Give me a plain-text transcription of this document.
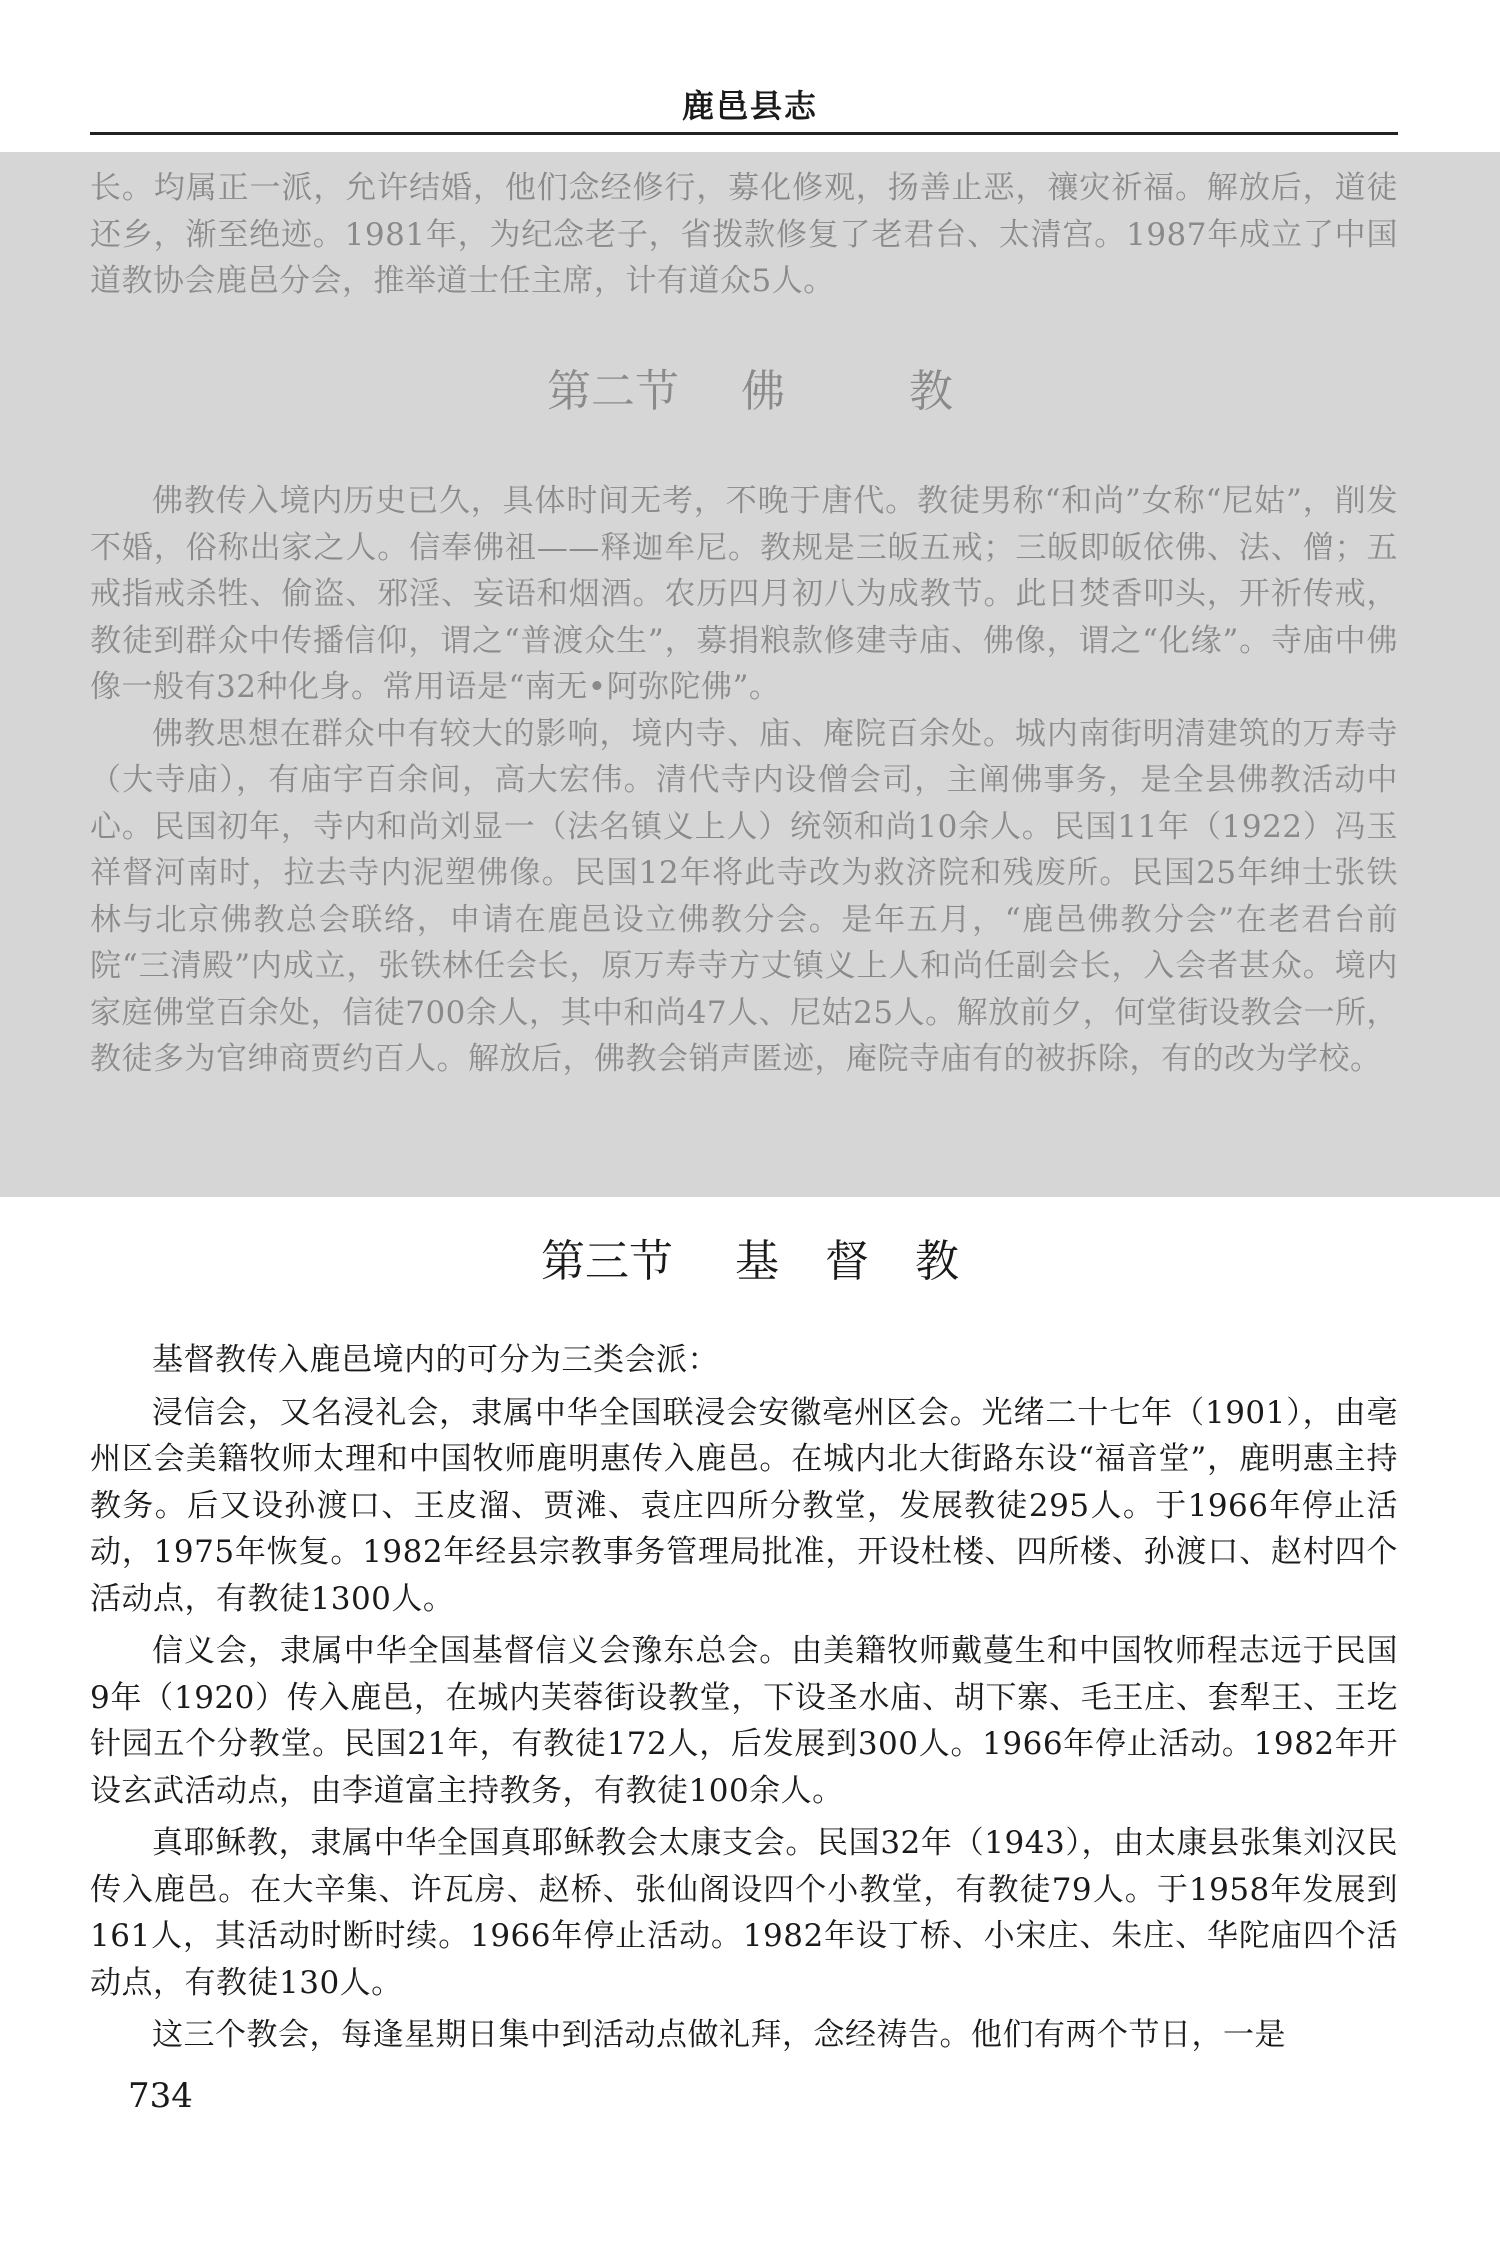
鹿邑县志

长。均属正一派，允许结婚，他们念经修行，募化修观，扬善止恶，禳灾祈福。解放后，道徒还乡，渐至绝迹。1981年，为纪念老子，省拨款修复了老君台、太清宫。1987年成立了中国道教协会鹿邑分会，推举道士任主席，计有道众5人。

第二节 佛	教

佛教传入境内历史已久，具体时间无考，不晚于唐代。教徒男称“和尚”女称“尼姑”，削发不婚，俗称出家之人。信奉佛祖——释迦牟尼。教规是三皈五戒；三皈即皈依佛、法、僧；五戒指戒杀牲、偷盗、邪淫、妄语和烟酒。农历四月初八为成教节。此日焚香叩头，开祈传戒，教徒到群众中传播信仰，谓之“普渡众生”，募捐粮款修建寺庙、佛像，谓之“化缘”。寺庙中佛像一般有32种化身。常用语是“南无•阿弥陀佛”。

佛教思想在群众中有较大的影响，境内寺、庙、庵院百余处。城内南街明清建筑的万寿寺（大寺庙），有庙宇百余间，高大宏伟。清代寺内设僧会司，主阐佛事务，是全县佛教活动中心。民国初年，寺内和尚刘显一（法名镇义上人）统领和尚10余人。民国11年（1922）冯玉祥督河南时，拉去寺内泥塑佛像。民国12年将此寺改为救济院和残废所。民国25年绅士张铁林与北京佛教总会联络，申请在鹿邑设立佛教分会。是年五月，“鹿邑佛教分会”在老君台前院“三清殿”内成立，张铁林任会长，原万寿寺方丈镇义上人和尚任副会长，入会者甚众。境内家庭佛堂百余处，信徒700余人，其中和尚47人、尼姑25人。解放前夕，何堂街设教会一所，教徒多为官绅商贾约百人。解放后，佛教会销声匿迹，庵院寺庙有的被拆除，有的改为学校。

第三节 基 督 教

基督教传入鹿邑境内的可分为三类会派：

浸信会，又名浸礼会，隶属中华全国联浸会安徽亳州区会。光绪二十七年（1901），由亳州区会美籍牧师太理和中国牧师鹿明惠传入鹿邑。在城内北大街路东设“福音堂”，鹿明惠主持教务。后又设孙渡口、王皮溜、贾滩、袁庄四所分教堂，发展教徒295人。于1966年停止活动，1975年恢复。1982年经县宗教事务管理局批准，开设杜楼、四所楼、孙渡口、赵村四个活动点，有教徒1300人。

信义会，隶属中华全国基督信义会豫东总会。由美籍牧师戴蔓生和中国牧师程志远于民国9年（1920）传入鹿邑，在城内芙蓉街设教堂，下设圣水庙、胡下寨、毛王庄、套犁王、王圪针园五个分教堂。民国21年，有教徒172人，后发展到300人。1966年停止活动。1982年开设玄武活动点，由李道富主持教务，有教徒100余人。

真耶稣教，隶属中华全国真耶稣教会太康支会。民国32年（1943），由太康县张集刘汉民传入鹿邑。在大辛集、许瓦房、赵桥、张仙阁设四个小教堂，有教徒79人。于1958年发展到161人，其活动时断时续。1966年停止活动。1982年设丁桥、小宋庄、朱庄、华陀庙四个活动点，有教徒130人。

这三个教会，每逢星期日集中到活动点做礼拜，念经祷告。他们有两个节日，一是

734
